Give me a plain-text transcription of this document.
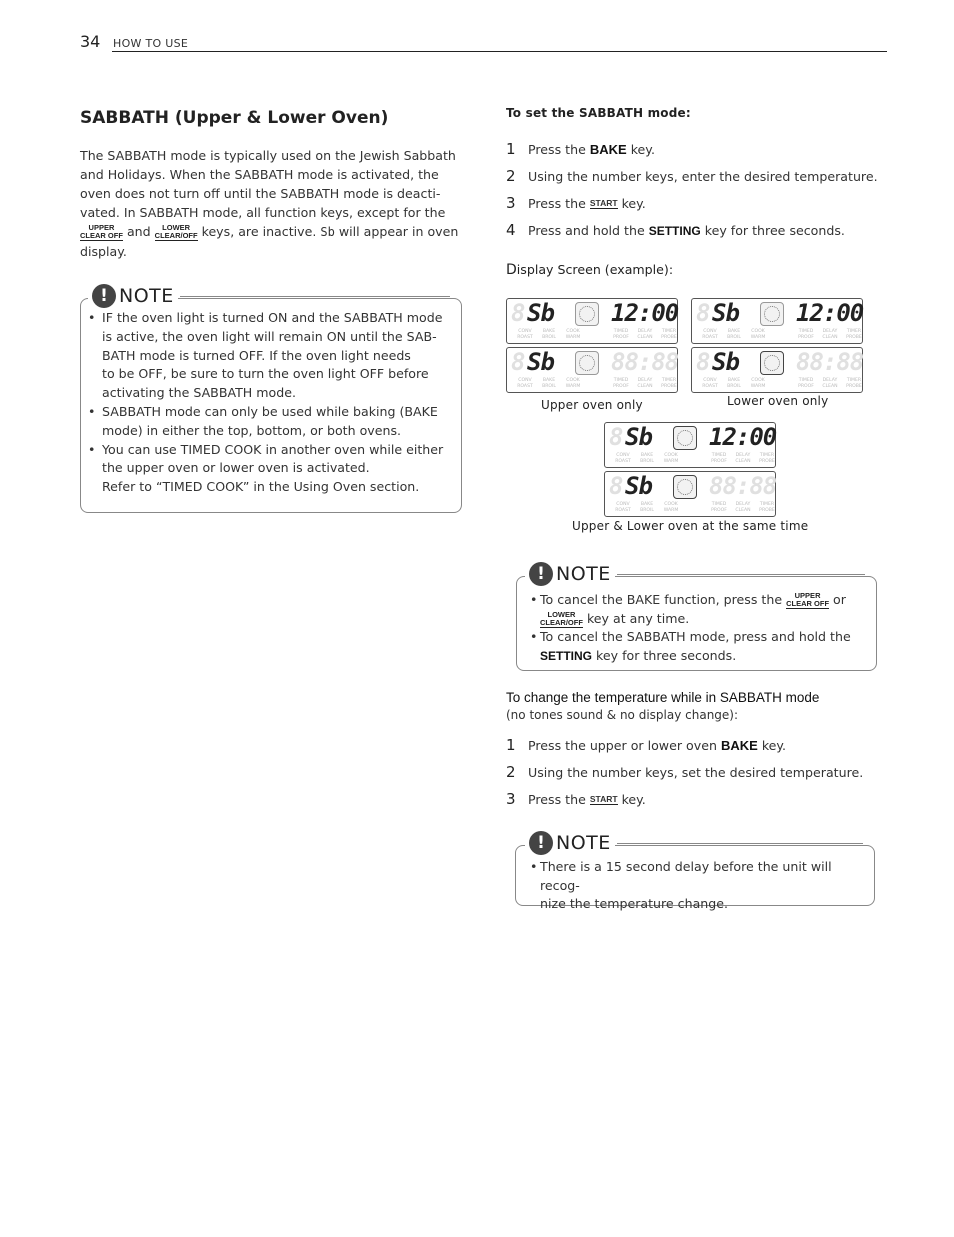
34 HOW TO USE
SABBATH (Upper & Lower Oven)
The SABBATH mode is typically used on the Jewish Sabbath
and Holidays. When the SABBATH mode is activated, the
oven does not turn off until the SABBATH mode is deacti-
vated. In SABBATH mode, all function keys, except for the
UPPER
CLEAR OFF and	LOWER
CLEAR/OFF keys, are inactive. Sb will appear in oven
display.
! NOTE
• IF the oven light is turned ON and the SABBATH mode
is active, the oven light will remain ON until the SAB-
BATH mode is turned OFF. If the oven light needs
to be OFF, be sure to turn the oven light OFF before
activating the SABBATH mode.
• SABBATH mode can only be used while baking (BAKE
mode) in either the top, bottom, or both ovens.
• You can use TIMED COOK in another oven while either
the upper oven or lower oven is activated.
Refer to “TIMED COOK” in the Using Oven section.
To set the SABBATH mode:
1 Press the BAKE key.
2 Using the number keys, enter the desired temperature.
3 Press the START key.
4 Press and hold the SETTING key for three seconds.
Display Screen (example):
8 Sb 12:00
CONV
ROAST
BAKE
BROIL
COOK
WARM
TIMED
PROOF
DELAY
CLEAN
TIMER
PROBE
8 Sb 88:88
CONV
ROAST
BAKE
BROIL
COOK
WARM
TIMED
PROOF
DELAY
CLEAN
TIMER
PROBE
8 Sb 12:00
CONV
ROAST
BAKE
BROIL
COOK
WARM
TIMED
PROOF
DELAY
CLEAN
TIMER
PROBE
8 Sb 88:88
CONV
ROAST
BAKE
BROIL
COOK
WARM
TIMED
PROOF
DELAY
CLEAN
TIMER
PROBE
8 Sb 12:00
CONV
ROAST
BAKE
BROIL
COOK
WARM
TIMED
PROOF
DELAY
CLEAN
TIMER
PROBE
8 Sb 88:88
CONV
ROAST
BAKE
BROIL
COOK
WARM
TIMED
PROOF
DELAY
CLEAN
TIMER
PROBE
Upper oven only	Lower oven only
Upper & Lower oven at the same time
! NOTE
• To cancel the BAKE function, press the	UPPER
CLEAR OFF or

LOWER
CLEAR/OFF key at any time.
• To cancel the SABBATH mode, press and hold the
SETTING key for three seconds.
To change the temperature while in SABBATH mode
(no tones sound & no display change):
1 Press the upper or lower oven BAKE key.
2 Using the number keys, set the desired temperature.
3 Press the START key.
! NOTE
• There is a 15 second delay before the unit will recog-
nize the temperature change.
